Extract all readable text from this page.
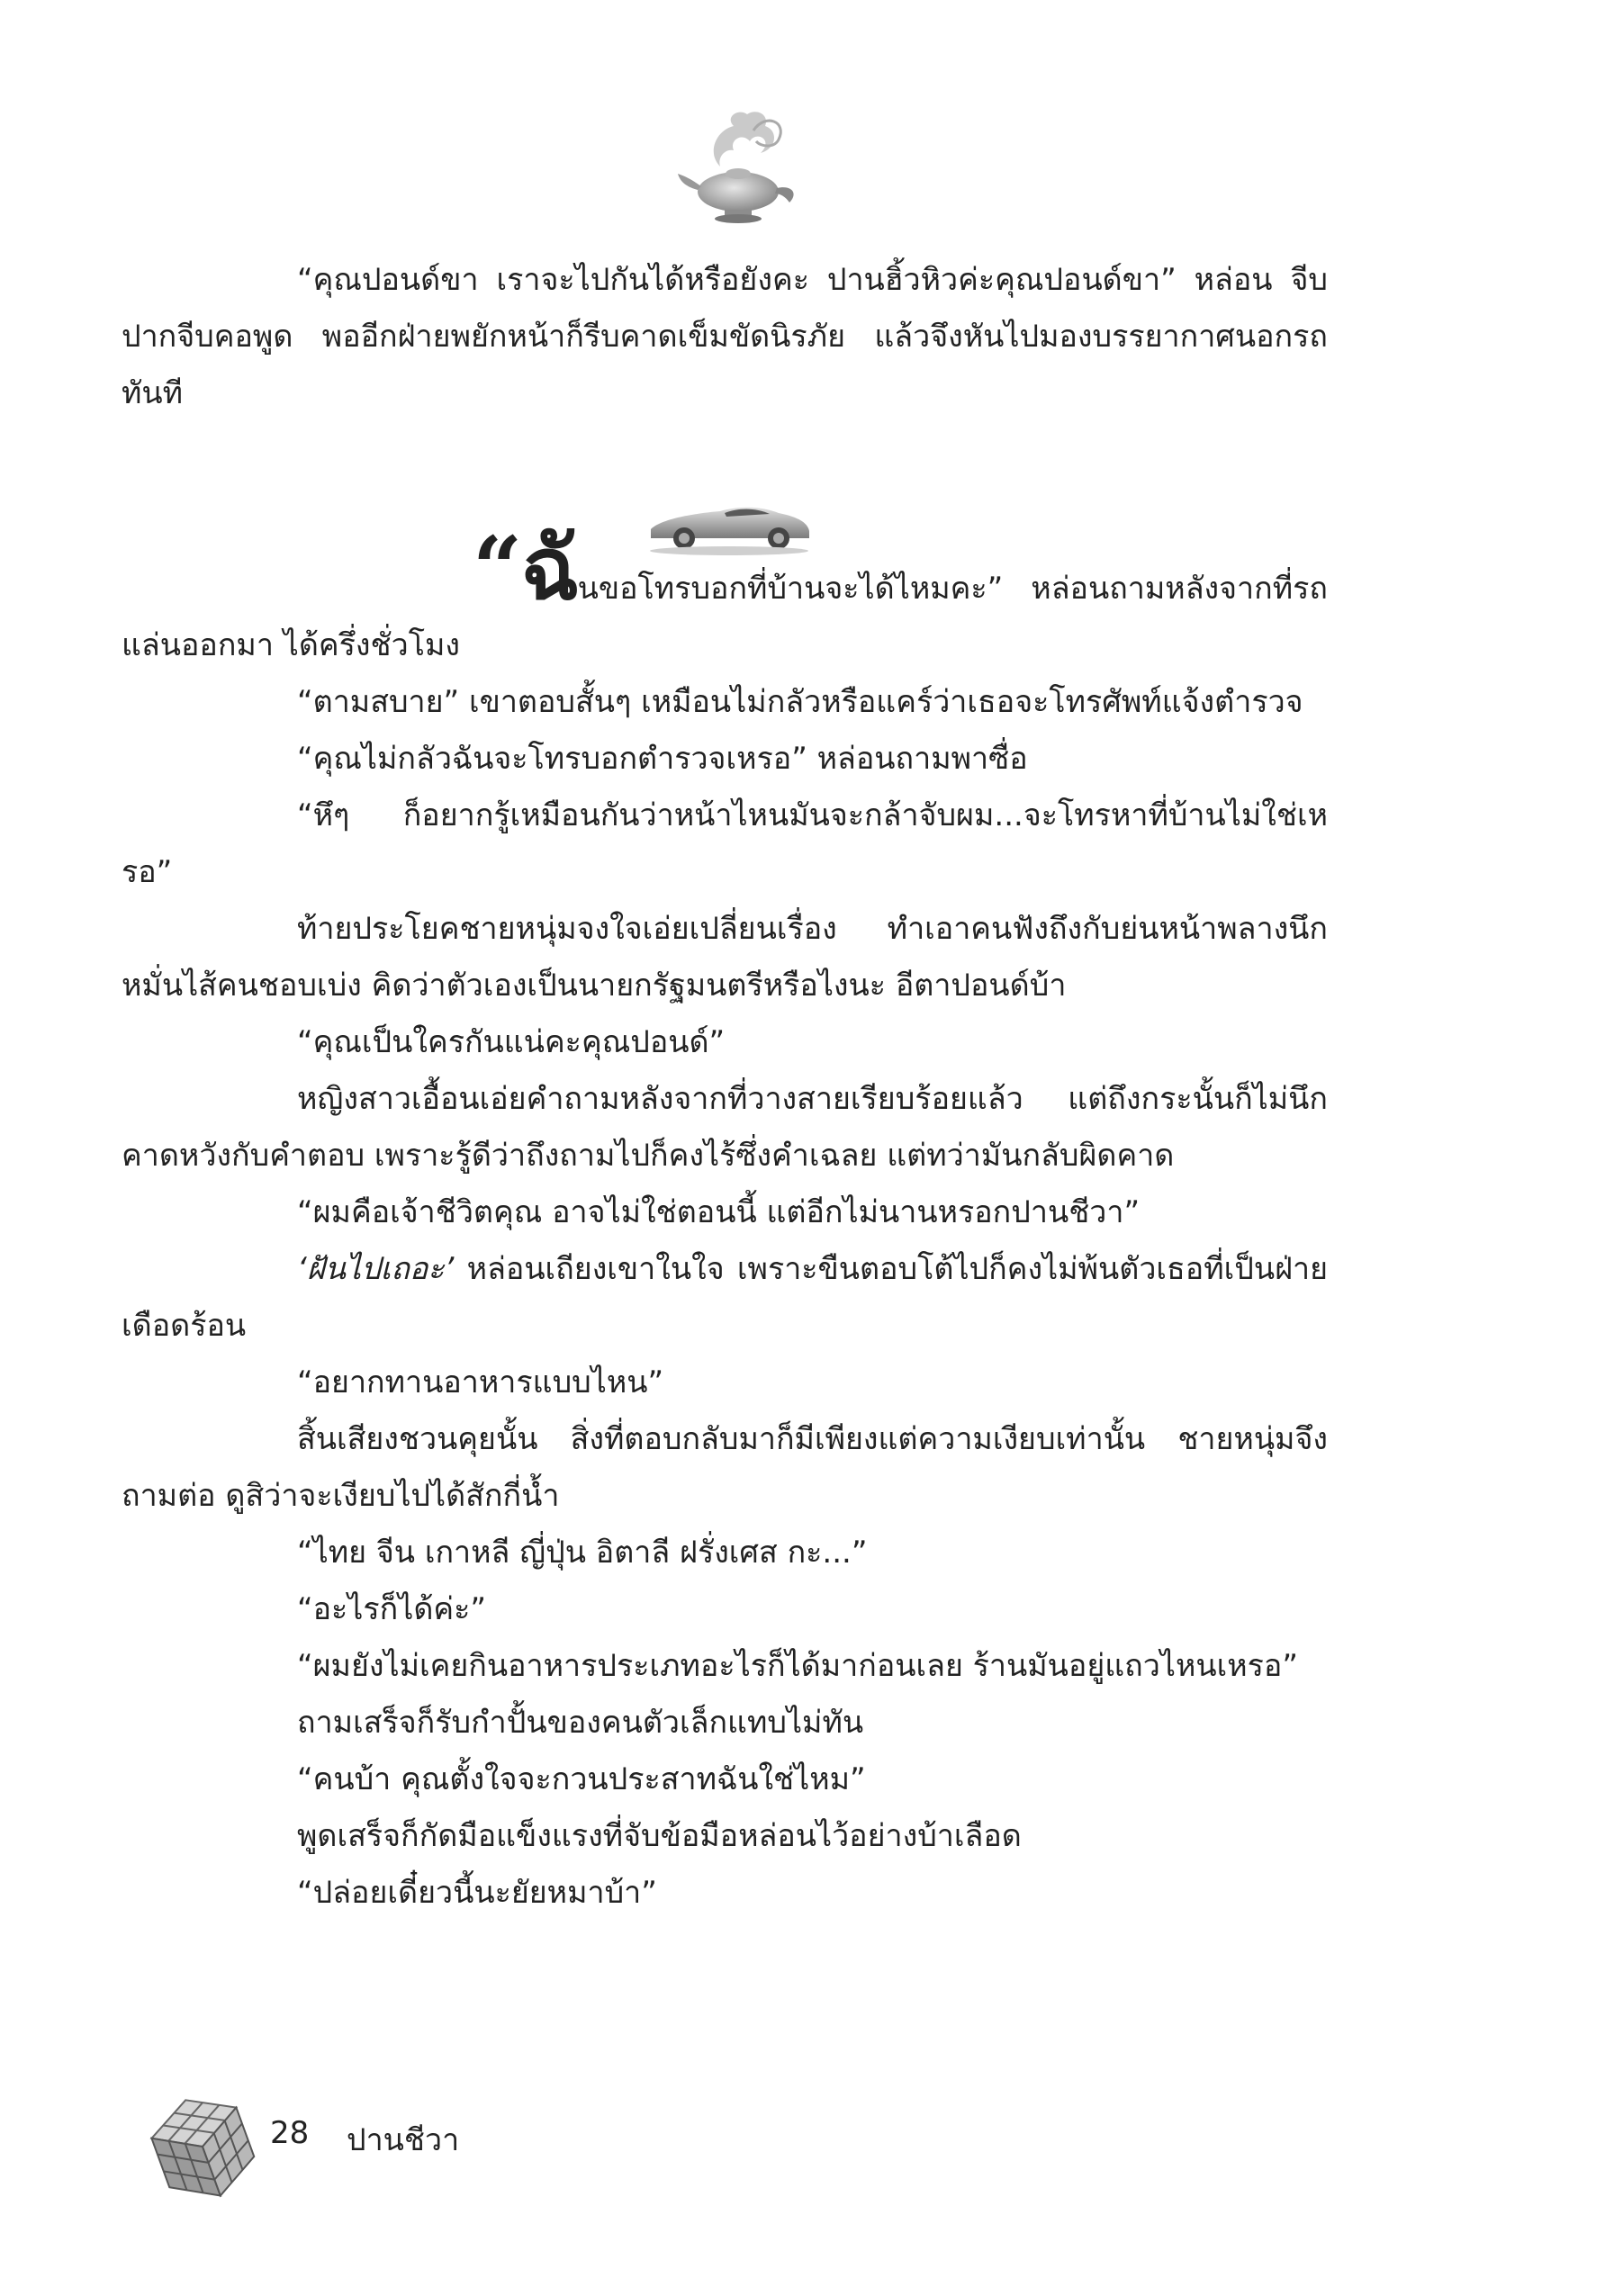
“คุณปอนด์ขา เราจะไปกันได้หรือยังคะ ปานฮิ้วหิวค่ะคุณปอนด์ขา” หล่อน จีบปากจีบคอพูด พออีกฝ่ายพยักหน้าก็รีบคาดเข็มขัดนิรภัย แล้วจึงหันไปมองบรรยากาศนอกรถทันที

“ฉันขอโทรบอกที่บ้านจะได้ไหมคะ” หล่อนถามหลังจากที่รถแล่นออกมา ได้ครึ่งชั่วโมง

“ตามสบาย” เขาตอบสั้นๆ เหมือนไม่กลัวหรือแคร์ว่าเธอจะโทรศัพท์แจ้งตำรวจ

“คุณไม่กลัวฉันจะโทรบอกตำรวจเหรอ” หล่อนถามพาซื่อ

“หึๆ ก็อยากรู้เหมือนกันว่าหน้าไหนมันจะกล้าจับผม...จะโทรหาที่บ้านไม่ใช่เหรอ”

ท้ายประโยคชายหนุ่มจงใจเอ่ยเปลี่ยนเรื่อง ทำเอาคนฟังถึงกับย่นหน้าพลางนึกหมั่นไส้คนชอบเบ่ง คิดว่าตัวเองเป็นนายกรัฐมนตรีหรือไงนะ อีตาปอนด์บ้า

“คุณเป็นใครกันแน่คะคุณปอนด์”

หญิงสาวเอื้อนเอ่ยคำถามหลังจากที่วางสายเรียบร้อยแล้ว แต่ถึงกระนั้นก็ไม่นึกคาดหวังกับคำตอบ เพราะรู้ดีว่าถึงถามไปก็คงไร้ซึ่งคำเฉลย แต่ทว่ามันกลับผิดคาด

“ผมคือเจ้าชีวิตคุณ อาจไม่ใช่ตอนนี้ แต่อีกไม่นานหรอกปานชีวา”

‘ฝันไปเถอะ’ หล่อนเถียงเขาในใจ เพราะขืนตอบโต้ไปก็คงไม่พ้นตัวเธอที่เป็นฝ่ายเดือดร้อน

“อยากทานอาหารแบบไหน”

สิ้นเสียงชวนคุยนั้น สิ่งที่ตอบกลับมาก็มีเพียงแต่ความเงียบเท่านั้น ชายหนุ่มจึงถามต่อ ดูสิว่าจะเงียบไปได้สักกี่น้ำ

“ไทย จีน เกาหลี ญี่ปุ่น อิตาลี ฝรั่งเศส กะ...”

“อะไรก็ได้ค่ะ”

“ผมยังไม่เคยกินอาหารประเภทอะไรก็ได้มาก่อนเลย ร้านมันอยู่แถวไหนเหรอ”

ถามเสร็จก็รับกำปั้นของคนตัวเล็กแทบไม่ทัน

“คนบ้า คุณตั้งใจจะกวนประสาทฉันใช่ไหม”

พูดเสร็จก็กัดมือแข็งแรงที่จับข้อมือหล่อนไว้อย่างบ้าเลือด

“ปล่อยเดี๋ยวนี้นะยัยหมาบ้า”

28 ปานชีวา
